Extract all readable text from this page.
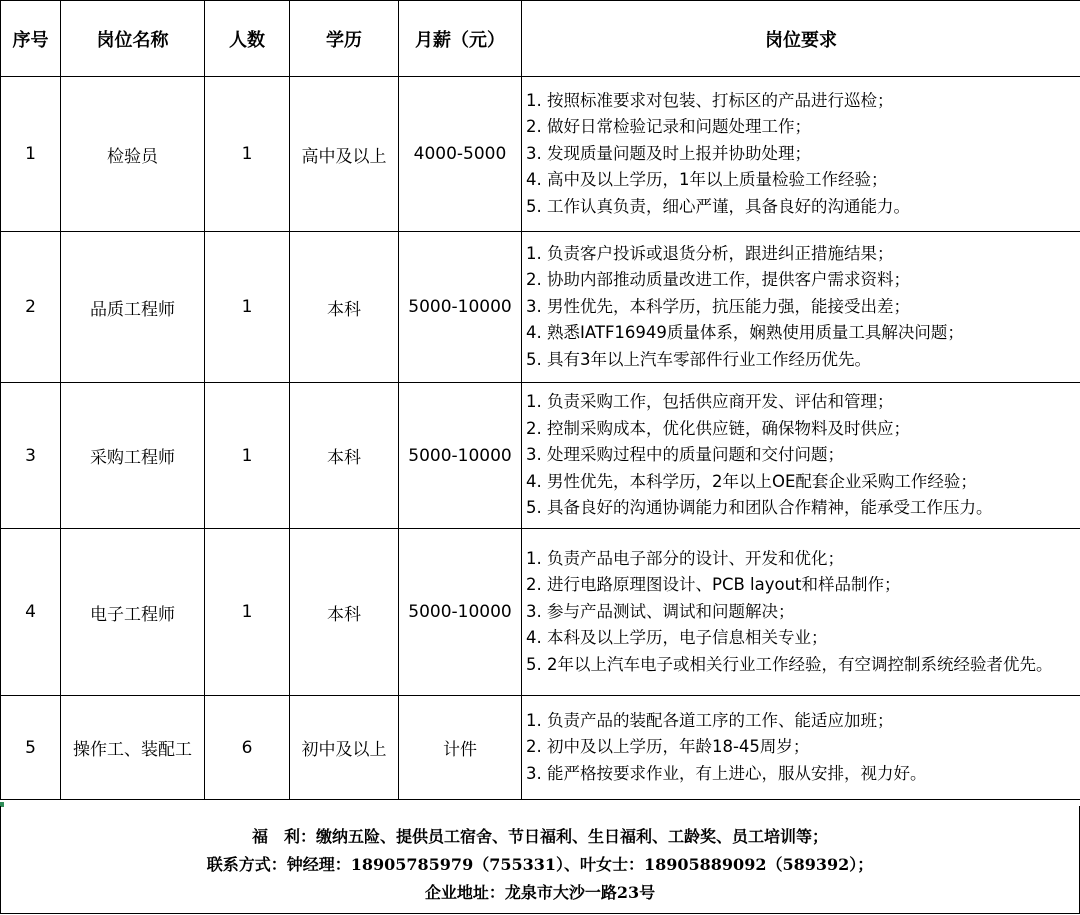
序号	岗位名称	人数	学历	月薪（元）	岗位要求
1	检验员	1	高中及以上	4000-5000	1. 按照标准要求对包装、打标区的产品进行巡检；
2. 做好日常检验记录和问题处理工作；
3. 发现质量问题及时上报并协助处理；
4. 高中及以上学历，1年以上质量检验工作经验；
5. 工作认真负责，细心严谨，具备良好的沟通能力。

2	品质工程师	1	本科	5000-10000	1. 负责客户投诉或退货分析，跟进纠正措施结果；
2. 协助内部推动质量改进工作，提供客户需求资料；
3. 男性优先，本科学历，抗压能力强，能接受出差；
4. 熟悉IATF16949质量体系，娴熟使用质量工具解决问题；
5. 具有3年以上汽车零部件行业工作经历优先。

3	采购工程师	1	本科	5000-10000	1. 负责采购工作，包括供应商开发、评估和管理；
2. 控制采购成本，优化供应链，确保物料及时供应；
3. 处理采购过程中的质量问题和交付问题；
4. 男性优先，本科学历，2年以上OE配套企业采购工作经验；
5. 具备良好的沟通协调能力和团队合作精神，能承受工作压力。

4	电子工程师	1	本科	5000-10000	1. 负责产品电子部分的设计、开发和优化；
2. 进行电路原理图设计、PCB layout和样品制作；
3. 参与产品测试、调试和问题解决；
4. 本科及以上学历，电子信息相关专业；
5. 2年以上汽车电子或相关行业工作经验，有空调控制系统经验者优先。

5	操作工、装配工	6	初中及以上	计件	1. 负责产品的装配各道工序的工作、能适应加班；
2. 初中及以上学历，年龄18-45周岁；
3. 能严格按要求作业，有上进心，服从安排，视力好。
福　利：缴纳五险、提供员工宿舍、节日福利、生日福利、工龄奖、员工培训等；
联系方式：钟经理：18905785979（755331）、叶女士：18905889092（589392）；
企业地址：龙泉市大沙一路23号
